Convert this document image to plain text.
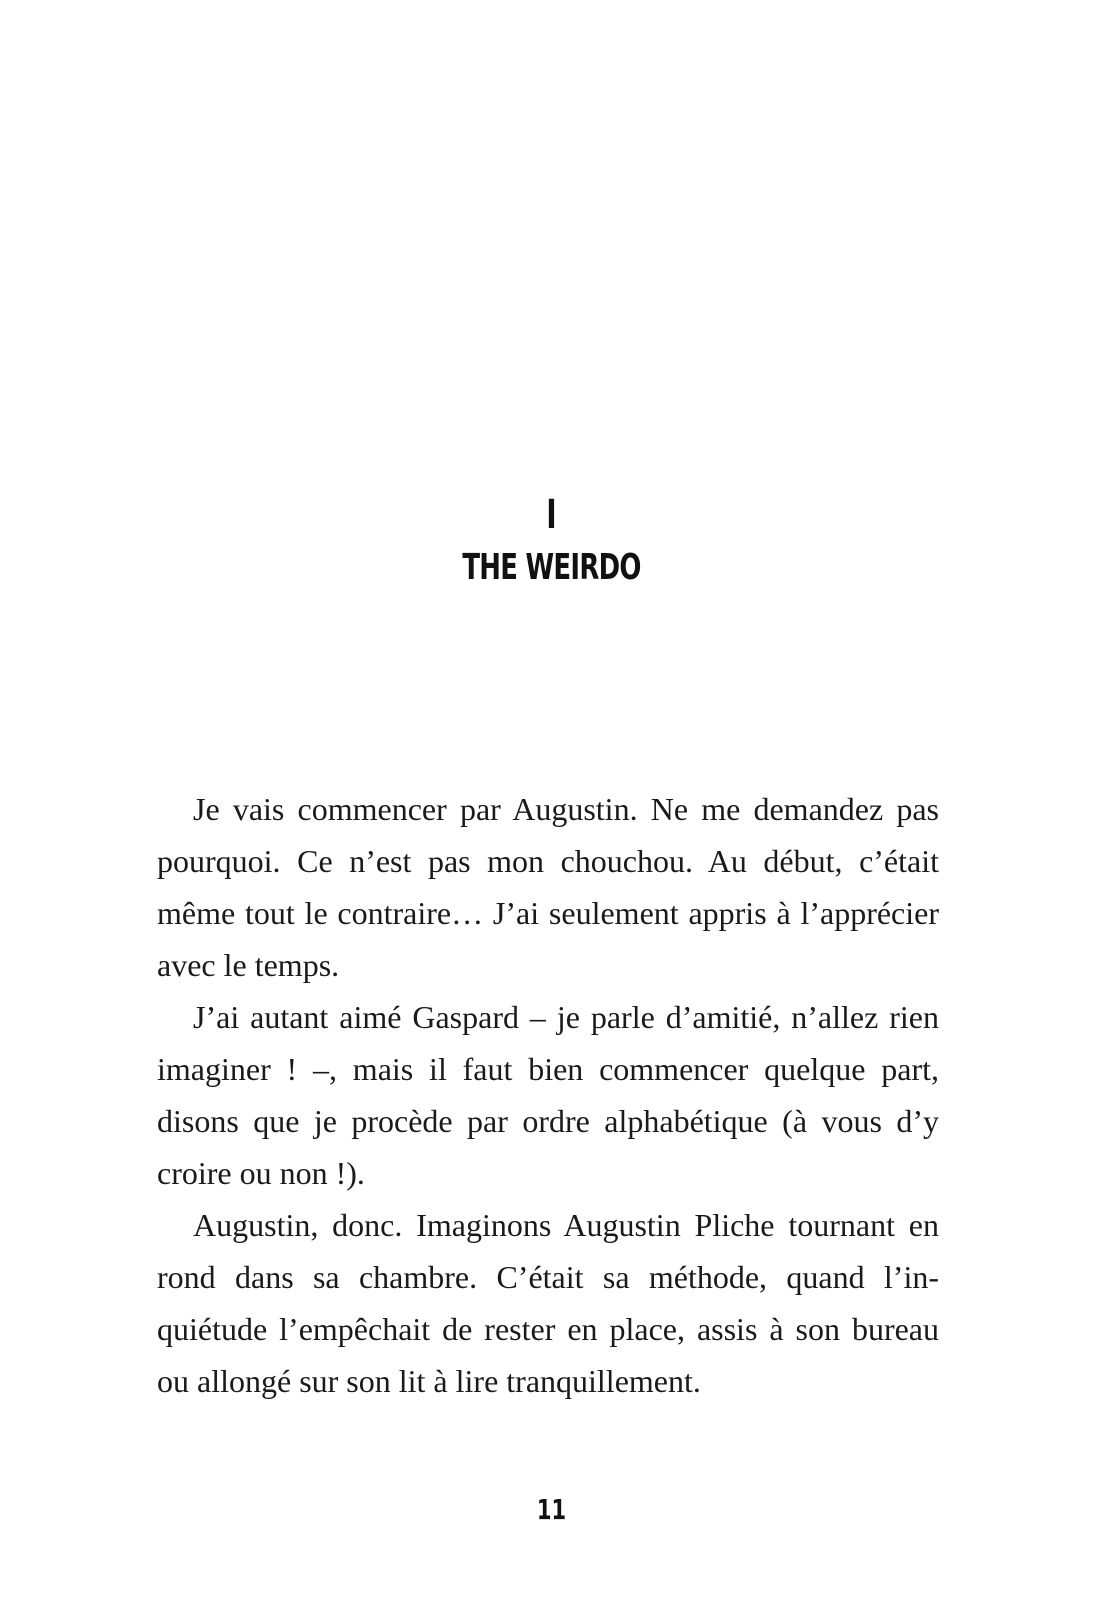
I
THE WEIRDO

Je vais commencer par Augustin. Ne me demandez pas pourquoi. Ce n’est pas mon chouchou. Au début, c’était même tout le contraire… J’ai seulement appris à l’apprécier avec le temps.

J’ai autant aimé Gaspard – je parle d’amitié, n’allez rien imaginer ! –, mais il faut bien commencer quelque part, disons que je procède par ordre alphabétique (à vous d’y croire ou non !).

Augustin, donc. Imaginons Augustin Pliche tournant en rond dans sa chambre. C’était sa méthode, quand l’inquiétude l’empêchait de rester en place, assis à son bureau ou allongé sur son lit à lire tranquillement.

11
